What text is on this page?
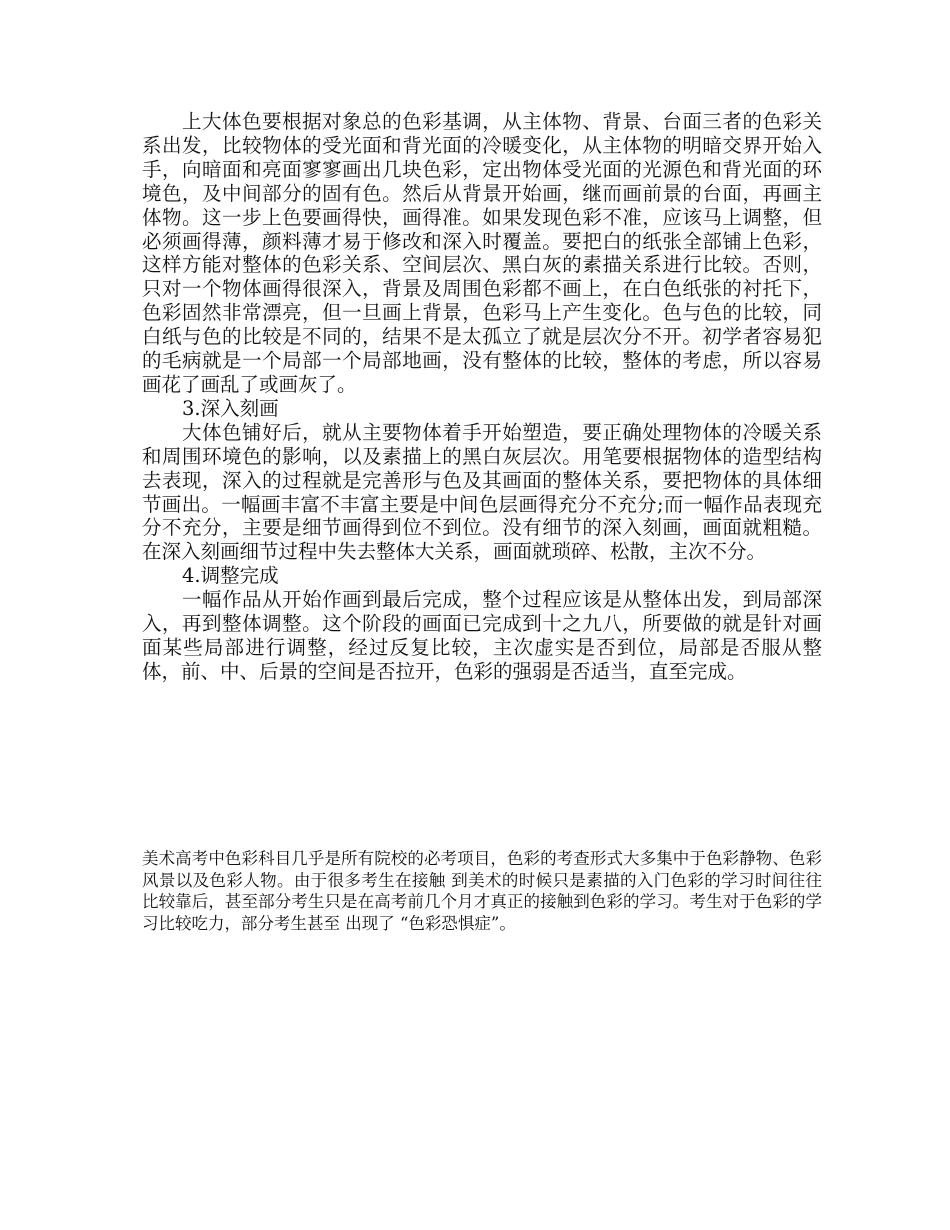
上大体色要根据对象总的色彩基调，从主体物、背景、台面三者的色彩关系出发，比较物体的受光面和背光面的冷暖变化，从主体物的明暗交界开始入手，向暗面和亮面寥寥画出几块色彩，定出物体受光面的光源色和背光面的环境色，及中间部分的固有色。然后从背景开始画，继而画前景的台面，再画主体物。这一步上色要画得快，画得准。如果发现色彩不准，应该马上调整，但必须画得薄，颜料薄才易于修改和深入时覆盖。要把白的纸张全部铺上色彩，这样方能对整体的色彩关系、空间层次、黑白灰的素描关系进行比较。否则，只对一个物体画得很深入，背景及周围色彩都不画上，在白色纸张的衬托下，色彩固然非常漂亮，但一旦画上背景，色彩马上产生变化。色与色的比较，同白纸与色的比较是不同的，结果不是太孤立了就是层次分不开。初学者容易犯的毛病就是一个局部一个局部地画，没有整体的比较，整体的考虑，所以容易画花了画乱了或画灰了。

3.深入刻画

大体色铺好后，就从主要物体着手开始塑造，要正确处理物体的冷暖关系和周围环境色的影响，以及素描上的黑白灰层次。用笔要根据物体的造型结构去表现，深入的过程就是完善形与色及其画面的整体关系，要把物体的具体细节画出。一幅画丰富不丰富主要是中间色层画得充分不充分;而一幅作品表现充分不充分，主要是细节画得到位不到位。没有细节的深入刻画，画面就粗糙。在深入刻画细节过程中失去整体大关系，画面就琐碎、松散，主次不分。

4.调整完成

一幅作品从开始作画到最后完成，整个过程应该是从整体出发，到局部深入，再到整体调整。这个阶段的画面已完成到十之九八，所要做的就是针对画面某些局部进行调整，经过反复比较，主次虚实是否到位，局部是否服从整体，前、中、后景的空间是否拉开，色彩的强弱是否适当，直至完成。

美术高考中色彩科目几乎是所有院校的必考项目，色彩的考查形式大多集中于色彩静物、色彩风景以及色彩人物。由于很多考生在接触 到美术的时候只是素描的入门色彩的学习时间往往比较靠后，甚至部分考生只是在高考前几个月才真正的接触到色彩的学习。考生对于色彩的学习比较吃力，部分考生甚至 出现了 “色彩恐惧症”。
